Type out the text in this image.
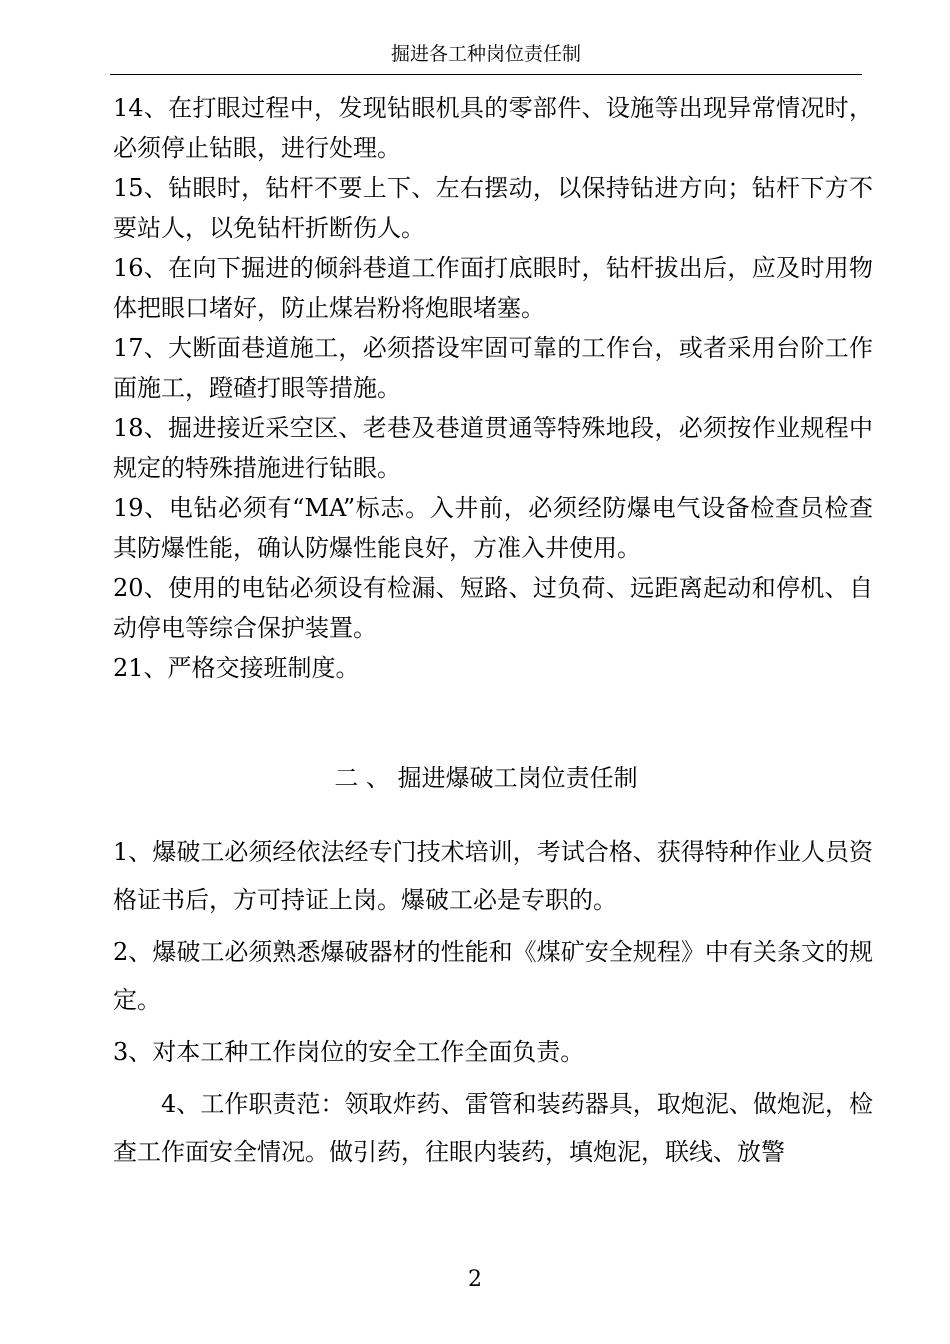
掘进各工种岗位责任制

14、在打眼过程中，发现钻眼机具的零部件、设施等出现异常情况时，必须停止钻眼，进行处理。

15、钻眼时，钻杆不要上下、左右摆动，以保持钻进方向；钻杆下方不要站人，以免钻杆折断伤人。

16、在向下掘进的倾斜巷道工作面打底眼时，钻杆拔出后，应及时用物体把眼口堵好，防止煤岩粉将炮眼堵塞。

17、大断面巷道施工，必须搭设牢固可靠的工作台，或者采用台阶工作面施工，蹬碴打眼等措施。

18、掘进接近采空区、老巷及巷道贯通等特殊地段，必须按作业规程中规定的特殊措施进行钻眼。

19、电钻必须有“MA”标志。入井前，必须经防爆电气设备检查员检查其防爆性能，确认防爆性能良好，方准入井使用。

20、使用的电钻必须设有检漏、短路、过负荷、远距离起动和停机、自动停电等综合保护装置。

21、严格交接班制度。

二 、 掘进爆破工岗位责任制

1、爆破工必须经依法经专门技术培训，考试合格、获得特种作业人员资格证书后，方可持证上岗。爆破工必是专职的。

2、爆破工必须熟悉爆破器材的性能和《煤矿安全规程》中有关条文的规定。

3、对本工种工作岗位的安全工作全面负责。

4、工作职责范：领取炸药、雷管和装药器具，取炮泥、做炮泥，检查工作面安全情况。做引药，往眼内装药，填炮泥，联线、放警

2
